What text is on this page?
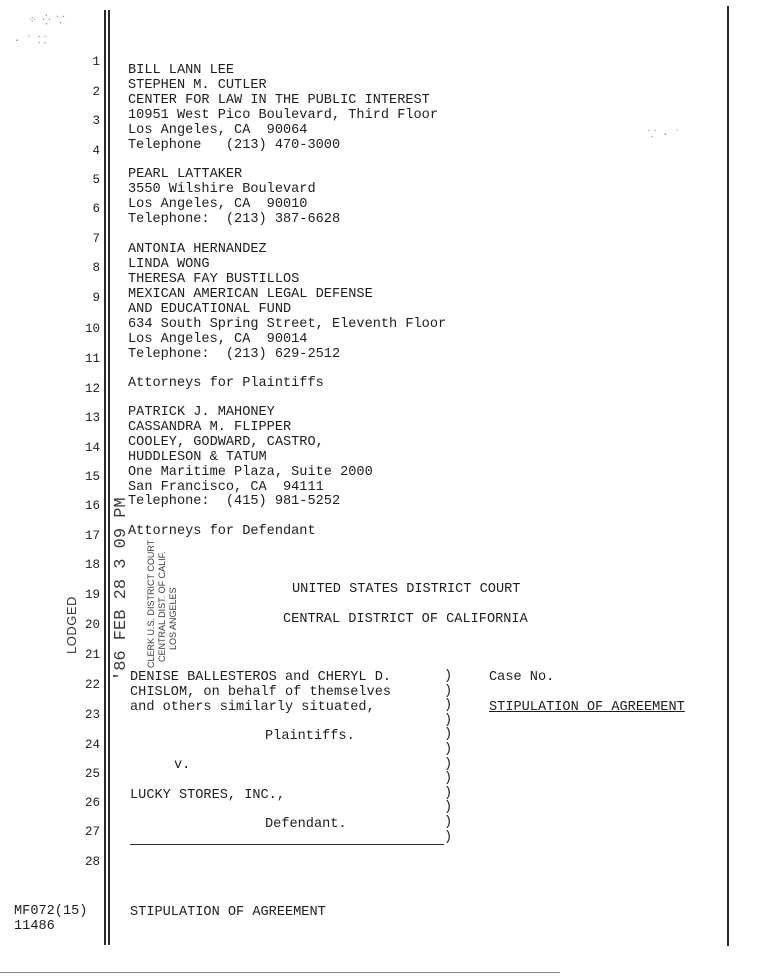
⁘ ⁛ ⸪
· ˙ ⸬
⸪ · ˙
1
2
3
4
5
6
7
8
9
10
11
12
13
14
15
16
17
18
19
20
21
22
23
24
25
26
27
28
BILL LANN LEE
STEPHEN M. CUTLER
CENTER FOR LAW IN THE PUBLIC INTEREST
10951 West Pico Boulevard, Third Floor
Los Angeles, CA  90064
Telephone   (213) 470-3000
PEARL LATTAKER
3550 Wilshire Boulevard
Los Angeles, CA  90010
Telephone:  (213) 387-6628
ANTONIA HERNANDEZ
LINDA WONG
THERESA FAY BUSTILLOS
MEXICAN AMERICAN LEGAL DEFENSE
AND EDUCATIONAL FUND
634 South Spring Street, Eleventh Floor
Los Angeles, CA  90014
Telephone:  (213) 629-2512
Attorneys for Plaintiffs
PATRICK J. MAHONEY
CASSANDRA M. FLIPPER
COOLEY, GODWARD, CASTRO,
HUDDLESON & TATUM
One Maritime Plaza, Suite 2000
San Francisco, CA  94111
Telephone:  (415) 981-5252
Attorneys for Defendant
UNITED STATES DISTRICT COURT
CENTRAL DISTRICT OF CALIFORNIA
LODGED '86 FEB 28 3 09 PM CLERK U.S. DISTRICT COURT CENTRAL DIST. OF CALIF. LOS ANGELES
DENISE BALLESTEROS and CHERYL D.
CHISLOM, on behalf of themselves
and others similarly situated,
Plaintiffs.
v.
LUCKY STORES, INC.,
Defendant.
)
)
)
)
)
)
)
)
)
)
)
)
Case No.
STIPULATION OF AGREEMENT
STIPULATION OF AGREEMENT
MF072(15)
11486
